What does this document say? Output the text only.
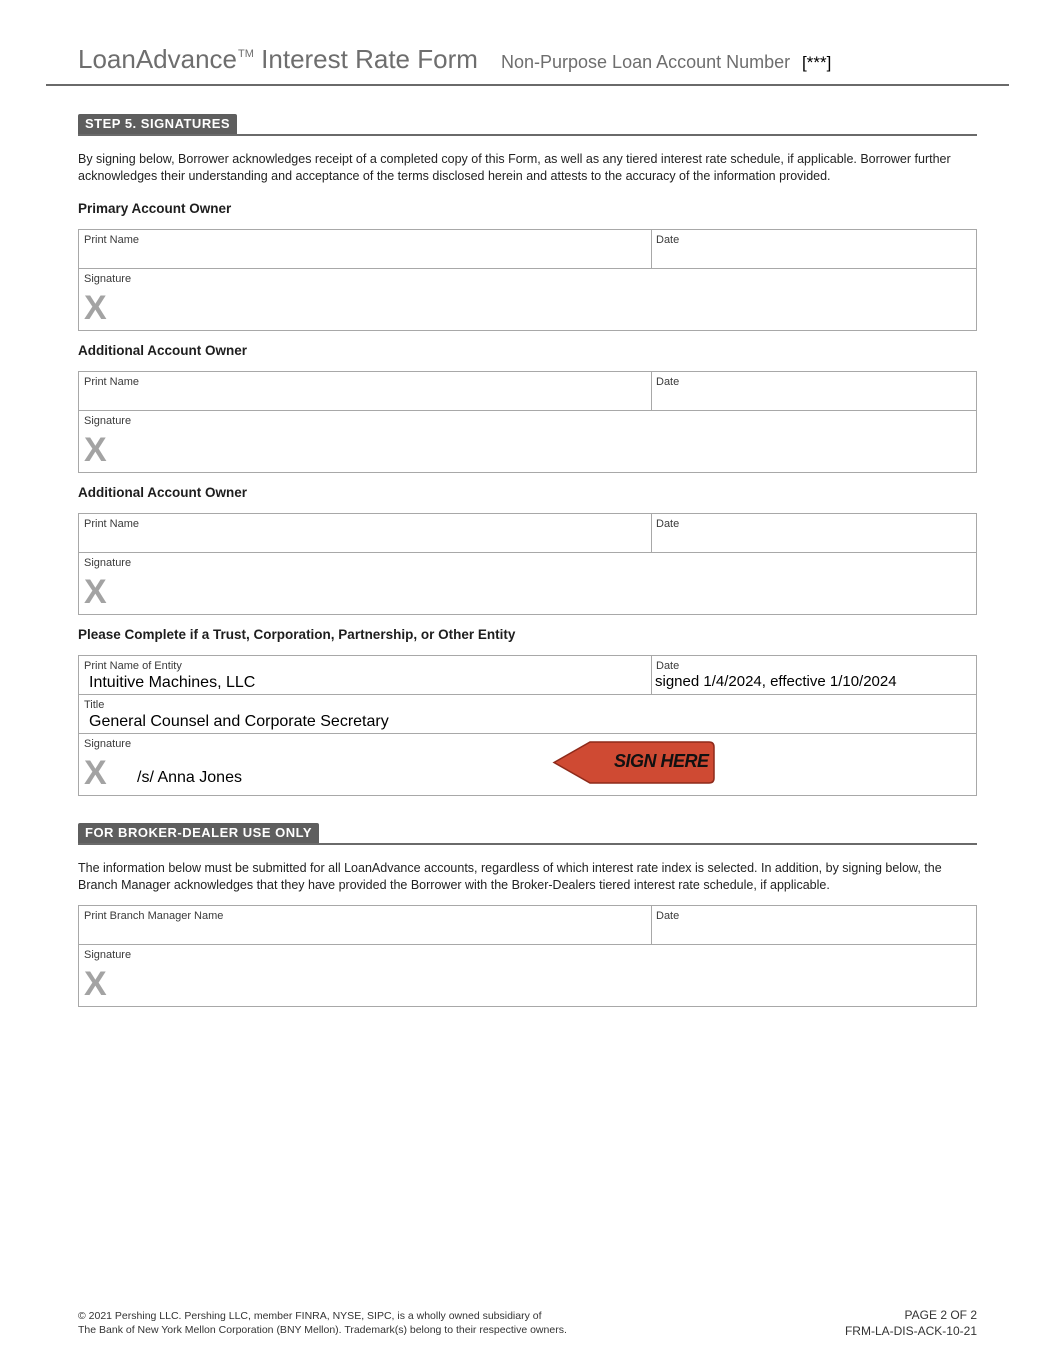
LoanAdvance™ Interest Rate Form Non-Purpose Loan Account Number [***]
STEP 5. SIGNATURES
By signing below, Borrower acknowledges receipt of a completed copy of this Form, as well as any tiered interest rate schedule, if applicable. Borrower further acknowledges their understanding and acceptance of the terms disclosed herein and attests to the accuracy of the information provided.
Primary Account Owner
Print Name	Date
Signature
X
Additional Account Owner
Print Name	Date
Signature
X
Additional Account Owner
Print Name	Date
Signature
X
Please Complete if a Trust, Corporation, Partnership, or Other Entity
Print Name of Entity
Intuitive Machines, LLC
Date
signed 1/4/2024, effective 1/10/2024
Title
General Counsel and Corporate Secretary
Signature
X /s/ Anna Jones
SIGN HERE
FOR BROKER-DEALER USE ONLY
The information below must be submitted for all LoanAdvance accounts, regardless of which interest rate index is selected. In addition, by signing below, the Branch Manager acknowledges that they have provided the Borrower with the Broker-Dealers tiered interest rate schedule, if applicable.
Print Branch Manager Name	Date
Signature
X
© 2021 Pershing LLC. Pershing LLC, member FINRA, NYSE, SIPC, is a wholly owned subsidiary of
The Bank of New York Mellon Corporation (BNY Mellon). Trademark(s) belong to their respective owners.
PAGE 2 OF 2
FRM-LA-DIS-ACK-10-21
